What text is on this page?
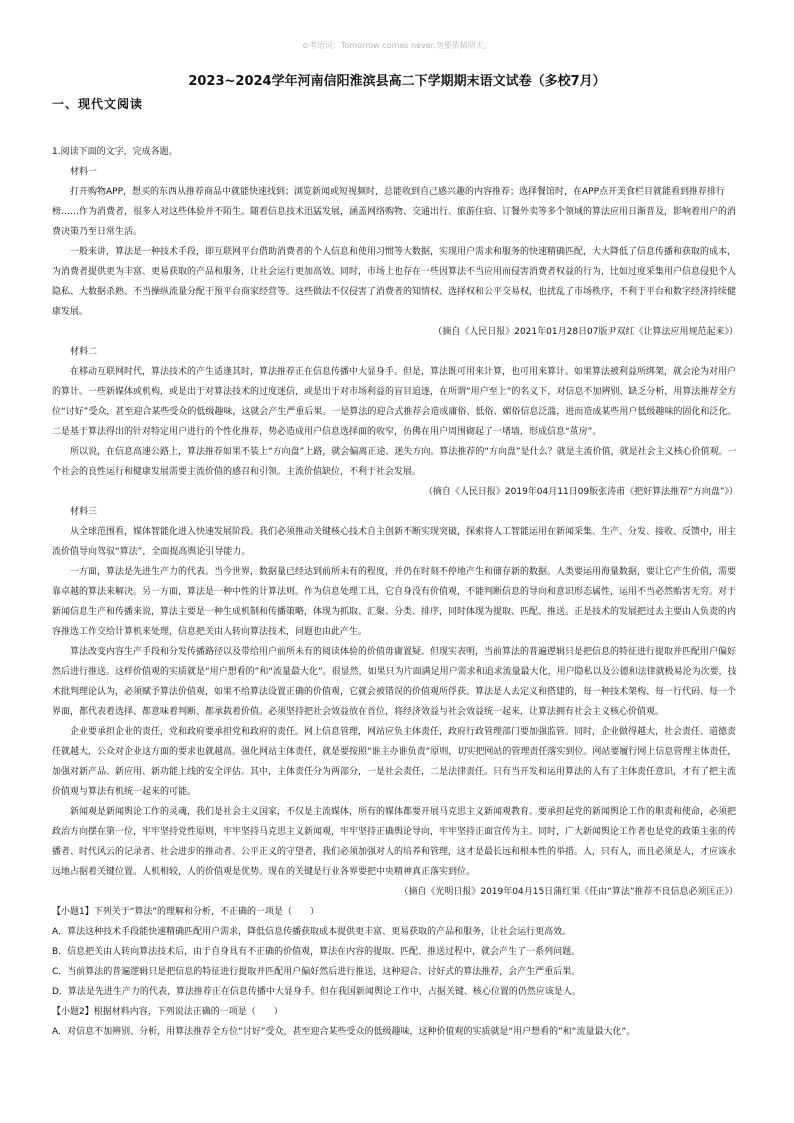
⊙考语词：Tomorrow comes never.勿要依稀明天。
2023~2024学年河南信阳淮滨县高二下学期期末语文试卷（多校7月）
一、现代文阅读

1.阅读下面的文字，完成各题。

材料一

打开购物APP，想买的东西从推荐商品中就能快速找到；浏览新闻或短视频时，总能收到自己感兴趣的内容推荐；选择餐馆时，在APP点开美食栏目就能看到推荐排行榜……作为消费者，很多人对这些体验并不陌生。随着信息技术迅猛发展，涵盖网络购物、交通出行、旅游住宿、订餐外卖等多个领域的算法应用日渐普及，影响着用户的消费决策乃至日常生活。

一般来讲，算法是一种技术手段，即互联网平台借助消费者的个人信息和使用习惯等大数据，实现用户需求和服务的快速精确匹配，大大降低了信息传播和获取的成本，为消费者提供更为丰富、更易获取的产品和服务，让社会运行更加高效。同时，市场上也存在一些因算法不当应用而侵害消费者权益的行为，比如过度采集用户信息侵犯个人隐私、大数据杀熟、不当操纵流量分配干预平台商家经营等。这些做法不仅侵害了消费者的知情权、选择权和公平交易权，也扰乱了市场秩序，不利于平台和数字经济持续健康发展。

（摘自《人民日报》2021年01月28日07版尹双红《让算法应用规范起来》）

材料二

在移动互联网时代，算法技术的产生适逢其时，算法推荐正在信息传播中大显身手。但是，算法既可用来计算，也可用来算计。如果算法被利益所绑架，就会沦为对用户的算计。一些新媒体或机构，或是出于对算法技术的过度迷信，或是出于对市场利益的盲目追逐，在所谓“用户至上”的名义下，对信息不加辨别、缺乏分析，用算法推荐全方位“讨好”受众，甚至迎合某些受众的低级趣味，这就会产生严重后果。一是算法的迎合式推荐会造成庸俗、低俗、媚俗信息泛滥，进而造成某些用户低级趣味的固化和泛化。二是基于算法得出的针对特定用户进行的个性化推荐，势必造成用户信息选择面的收窄，仿佛在用户周围砌起了一堵墙，形成信息“茧房”。

所以说，在信息高速公路上，算法推荐如果不装上“方向盘”上路，就会偏离正途、迷失方向。算法推荐的“方向盘”是什么？就是主流价值，就是社会主义核心价值观。一个社会的良性运行和健康发展需要主流价值的感召和引领。主流价值缺位，不利于社会发展。

（摘自《人民日报》2019年04月11日09版张涛甫《把好算法推荐“方向盘”》）

材料三

从全球范围看，媒体智能化进入快速发展阶段。我们必须推动关键核心技术自主创新不断实现突破，探索将人工智能运用在新闻采集、生产、分发、接收、反馈中，用主流价值导向驾驭“算法”，全面提高舆论引导能力。

一方面，算法是先进生产力的代表。当今世界，数据量已经达到前所未有的程度，并仍在时刻不停地产生和储存新的数据。人类要运用海量数据，要让它产生价值，需要靠卓越的算法来解决。另一方面，算法是一种中性的计算法则。作为信息处理工具，它自身没有价值观，不能判断信息的导向和意识形态属性，运用不当必然贻害无穷。对于新闻信息生产和传播来说，算法主要是一种生成机制和传播策略，体现为抓取、汇聚、分类、排序，同时体现为提取、匹配、推送。正是技术的发展把过去主要由人负责的内容推选工作交给计算机来处理，信息把关由人转向算法技术，问题也由此产生。

算法改变内容生产手段和分发传播路径以及带给用户前所未有的阅读体验的价值毋庸置疑。但现实表明，当前算法的普遍逻辑只是把信息的特征进行提取并匹配用户偏好然后进行推送。这样价值观的实质就是“用户想看的”和“流量最大化”。很显然，如果只为片面满足用户需求和追求流量最大化，用户隐私以及公德和法律就极易沦为次要，技术批判理论认为，必须赋予算法价值观，如果不给算法设置正确的价值观，它就会被错误的价值观所俘获。算法是人去定义和搭建的，每一种技术架构、每一行代码、每一个界面，都代表着选择、都意味着判断、都承载着价值。必须坚持把社会效益放在首位，将经济效益与社会效益统一起来，让算法拥有社会主义核心价值观。

企业要承担企业的责任，党和政府要承担党和政府的责任。网上信息管理，网站应负主体责任，政府行政管理部门要加强监管。同时，企业做得越大，社会责任、道德责任就越大，公众对企业这方面的要求也就越高。强化网站主体责任，就是要按照“谁主办谁负责”原则，切实把网站的管理责任落实到位。网站要履行网上信息管理主体责任，加强对新产品、新应用、新功能上线的安全评估。其中，主体责任分为两部分，一是社会责任，二是法律责任。只有当开发和运用算法的人有了主体责任意识，才有了把主流价值观与算法有机统一起来的可能。

新闻观是新闻舆论工作的灵魂，我们是社会主义国家，不仅是主流媒体，所有的媒体都要开展马克思主义新闻观教育。要承担起党的新闻舆论工作的职责和使命，必须把政治方向摆在第一位，牢牢坚持党性原则，牢牢坚持马克思主义新闻观，牢牢坚持正确舆论导向，牢牢坚持正面宣传为主。同时，广大新闻舆论工作者也是党的政策主张的传播者、时代风云的记录者、社会进步的推动者、公平正义的守望者，我们必须加强对人的培养和管理，这才是最长远和根本性的举措。人，只有人，而且必须是人，才应该永远地占据着关键位置。人机相较，人的价值观是优势。现在的关键是行业各界要把中央精神真正落实到位。

（摘自《光明日报》2019年04月15日蒲红果《任由“算法”推荐不良信息必须匡正》）

【小题1】下列关于“算法”的理解和分析，不正确的一项是（　　）

A．算法这种技术手段能快速精确匹配用户需求，降低信息传播获取成本提供更丰富、更易获取的产品和服务，让社会运行更高效。

B．信息把关由人转向算法技术后，由于自身具有不正确的价值观，算法在内容的提取、匹配、推送过程中，就会产生了一系列问题。

C．当前算法的普遍逻辑只是把信息的特征进行提取并匹配用户偏好然后进行推送，这种迎合、讨好式的算法推荐，会产生严重后果。

D．算法是先进生产力的代表，算法推荐正在信息传播中大显身手。但在我国新闻舆论工作中，占据关键、核心位置的仍然应该是人。

【小题2】根据材料内容，下列说法正确的一项是（　　）

A．对信息不加辨别、分析，用算法推荐全方位“讨好”受众，甚至迎合某些受众的低级趣味，这种价值观的实质就是“用户想看的”和“流量最大化”。
